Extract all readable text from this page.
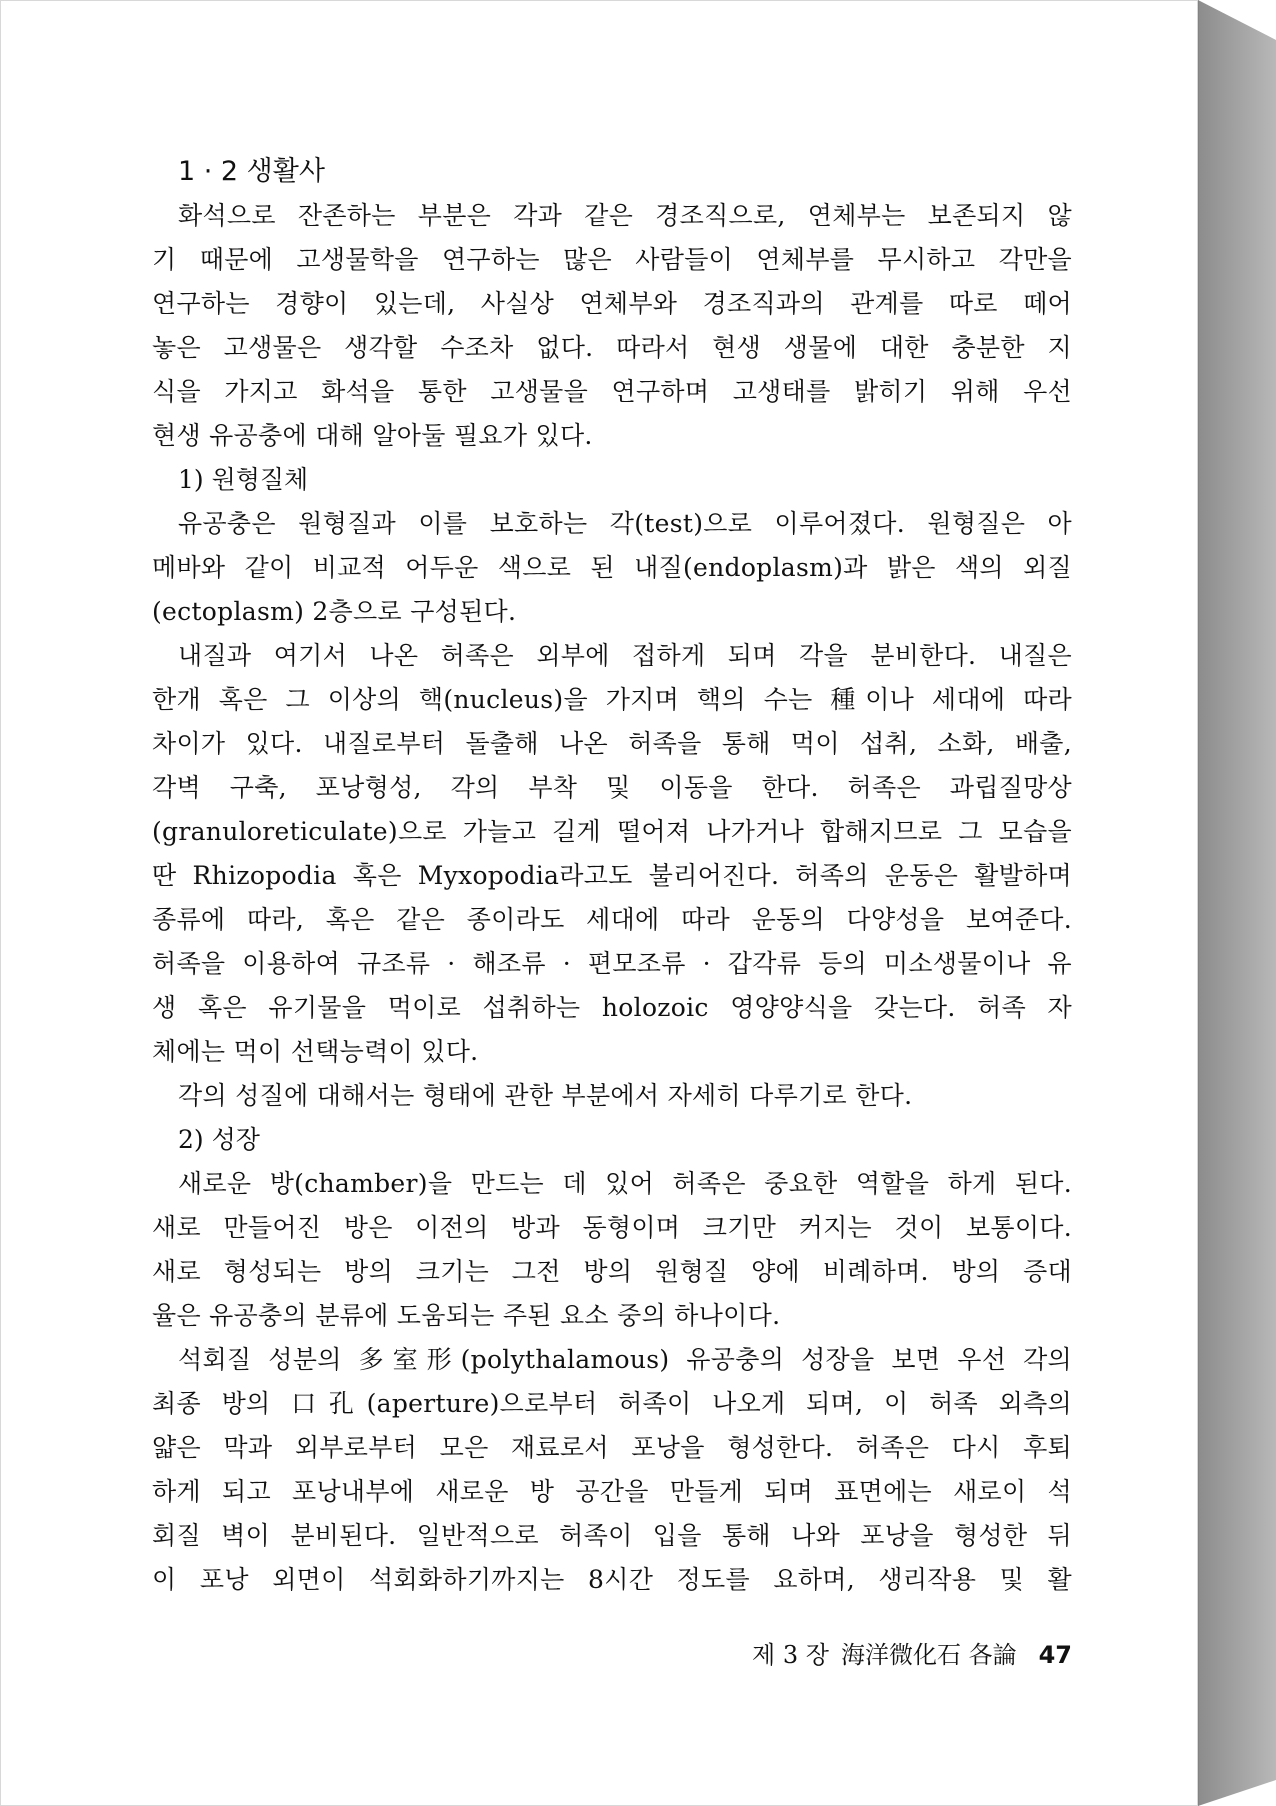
1 · 2 생활사
화석으로 잔존하는 부분은 각과 같은 경조직으로, 연체부는 보존되지 않
기 때문에 고생물학을 연구하는 많은 사람들이 연체부를 무시하고 각만을
연구하는 경향이 있는데, 사실상 연체부와 경조직과의 관계를 따로 떼어
놓은 고생물은 생각할 수조차 없다. 따라서 현생 생물에 대한 충분한 지
식을 가지고 화석을 통한 고생물을 연구하며 고생태를 밝히기 위해 우선
현생 유공충에 대해 알아둘 필요가 있다.
1) 원형질체
유공충은 원형질과 이를 보호하는 각(test)으로 이루어졌다. 원형질은 아
메바와 같이 비교적 어두운 색으로 된 내질(endoplasm)과 밝은 색의 외질
(ectoplasm) 2층으로 구성된다.
내질과 여기서 나온 허족은 외부에 접하게 되며 각을 분비한다. 내질은
한개 혹은 그 이상의 핵(nucleus)을 가지며 핵의 수는 種이나 세대에 따라
차이가 있다. 내질로부터 돌출해 나온 허족을 통해 먹이 섭취, 소화, 배출,
각벽 구축, 포낭형성, 각의 부착 및 이동을 한다. 허족은 과립질망상
(granuloreticulate)으로 가늘고 길게 떨어져 나가거나 합해지므로 그 모습을
딴 Rhizopodia 혹은 Myxopodia라고도 불리어진다. 허족의 운동은 활발하며
종류에 따라, 혹은 같은 종이라도 세대에 따라 운동의 다양성을 보여준다.
허족을 이용하여 규조류 · 해조류 · 편모조류 · 갑각류 등의 미소생물이나 유
생 혹은 유기물을 먹이로 섭취하는 holozoic 영양양식을 갖는다. 허족 자
체에는 먹이 선택능력이 있다.
각의 성질에 대해서는 형태에 관한 부분에서 자세히 다루기로 한다.
2) 성장
새로운 방(chamber)을 만드는 데 있어 허족은 중요한 역할을 하게 된다.
새로 만들어진 방은 이전의 방과 동형이며 크기만 커지는 것이 보통이다.
새로 형성되는 방의 크기는 그전 방의 원형질 양에 비례하며. 방의 증대
율은 유공충의 분류에 도움되는 주된 요소 중의 하나이다.
석회질 성분의 多室形(polythalamous) 유공충의 성장을 보면 우선 각의
최종 방의 口孔(aperture)으로부터 허족이 나오게 되며, 이 허족 외측의
얇은 막과 외부로부터 모은 재료로서 포낭을 형성한다. 허족은 다시 후퇴
하게 되고 포낭내부에 새로운 방 공간을 만들게 되며 표면에는 새로이 석
회질 벽이 분비된다. 일반적으로 허족이 입을 통해 나와 포낭을 형성한 뒤
이 포낭 외면이 석회화하기까지는 8시간 정도를 요하며, 생리작용 및 활
제 3 장 海洋微化石 各論 47
